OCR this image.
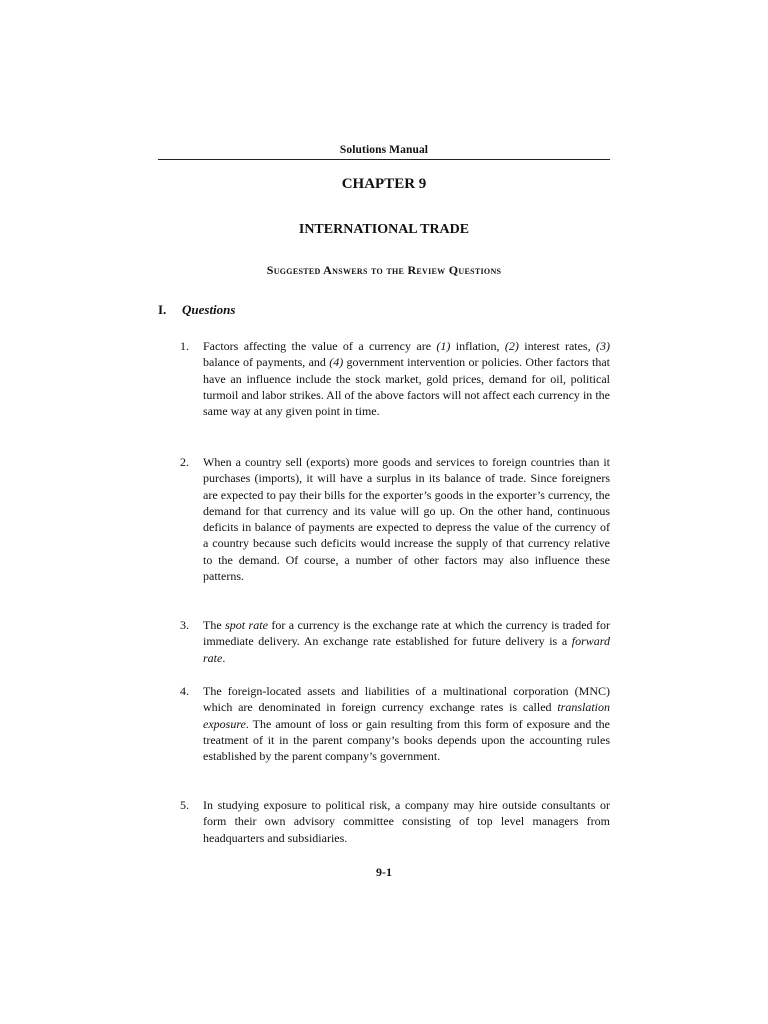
Solutions Manual
CHAPTER 9
INTERNATIONAL TRADE
Suggested Answers to the Review Questions
I. Questions
1.	Factors affecting the value of a currency are (1) inflation, (2) interest rates, (3) balance of payments, and (4) government intervention or policies. Other factors that have an influence include the stock market, gold prices, demand for oil, political turmoil and labor strikes. All of the above factors will not affect each currency in the same way at any given point in time.
2.	When a country sell (exports) more goods and services to foreign countries than it purchases (imports), it will have a surplus in its balance of trade. Since foreigners are expected to pay their bills for the exporter’s goods in the exporter’s currency, the demand for that currency and its value will go up. On the other hand, continuous deficits in balance of payments are expected to depress the value of the currency of a country because such deficits would increase the supply of that currency relative to the demand. Of course, a number of other factors may also influence these patterns.
3.	The spot rate for a currency is the exchange rate at which the currency is traded for immediate delivery. An exchange rate established for future delivery is a forward rate.
4.	The foreign-located assets and liabilities of a multinational corporation (MNC) which are denominated in foreign currency exchange rates is called translation exposure. The amount of loss or gain resulting from this form of exposure and the treatment of it in the parent company’s books depends upon the accounting rules established by the parent company’s government.
5.	In studying exposure to political risk, a company may hire outside consultants or form their own advisory committee consisting of top level managers from headquarters and subsidiaries.
9-1
